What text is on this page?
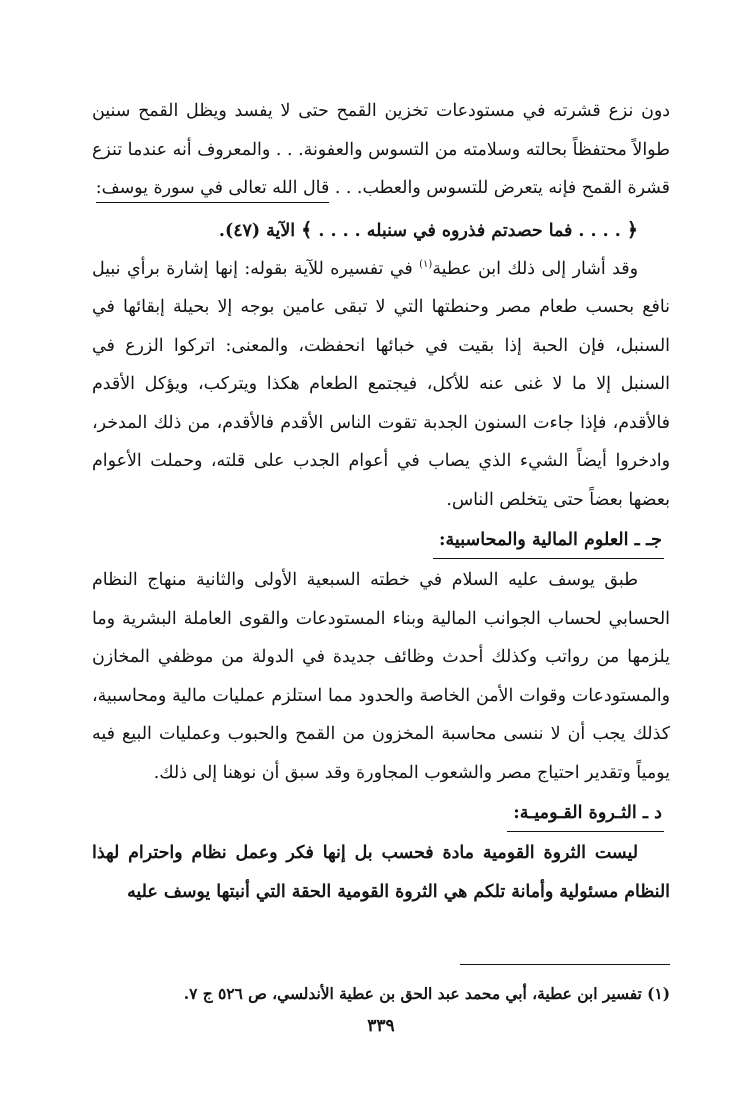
دون نزع قشرته في مستودعات تخزين القمح حتى لا يفسد ويظل القمح سنين طوالاً محتفظاً بحالته وسلامته من التسوس والعفونة. . . والمعروف أنه عندما تنزع قشرة القمح فإنه يتعرض للتسوس والعطب. . . قال الله تعالى في سورة يوسف:

﴿ . . . . فما حصدتم فذروه في سنبله . . . . ﴾ الآية (٤٧).

وقد أشار إلى ذلك ابن عطية$^{(١)}$ في تفسيره للآية بقوله: إنها إشارة برأي نبيل نافع بحسب طعام مصر وحنطتها التي لا تبقى عامين بوجه إلا بحيلة إبقائها في السنبل، فإن الحبة إذا بقيت في خبائها انحفظت، والمعنى: اتركوا الزرع في السنبل إلا ما لا غنى عنه للأكل، فيجتمع الطعام هكذا ويتركب، ويؤكل الأقدم فالأقدم، فإذا جاءت السنون الجدبة تقوت الناس الأقدم فالأقدم، من ذلك المدخر، وادخروا أيضاً الشيء الذي يصاب في أعوام الجدب على قلته، وحملت الأعوام بعضها بعضاً حتى يتخلص الناس.

جـ ـ العلوم المالية والمحاسبية:

طبق يوسف عليه السلام في خطته السبعية الأولى والثانية منهاج النظام الحسابي لحساب الجوانب المالية وبناء المستودعات والقوى العاملة البشرية وما يلزمها من رواتب وكذلك أحدث وظائف جديدة في الدولة من موظفي المخازن والمستودعات وقوات الأمن الخاصة والحدود مما استلزم عمليات مالية ومحاسبية، كذلك يجب أن لا ننسى محاسبة المخزون من القمح والحبوب وعمليات البيع فيه يومياً وتقدير احتياج مصر والشعوب المجاورة وقد سبق أن نوهنا إلى ذلك.

د ـ الثـروة القـوميـة:

ليست الثروة القومية مادة فحسب بل إنها فكر وعمل نظام واحترام لهذا النظام مسئولية وأمانة تلكم هي الثروة القومية الحقة التي أنبتها يوسف عليه

(١) تفسير ابن عطية، أبي محمد عبد الحق بن عطية الأندلسي، ص ٥٢٦ ج ٧.

٣٣٩
